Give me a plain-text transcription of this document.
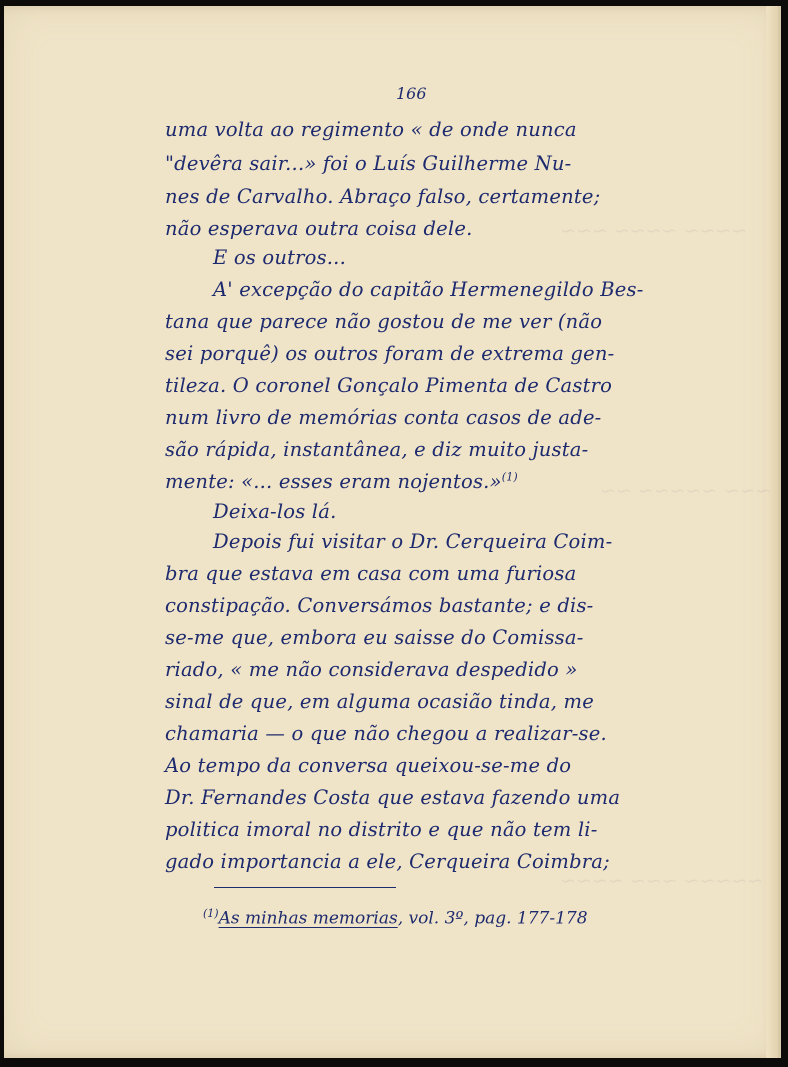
~~~~ ~~~~ ~~~
~~~ ~~~~~ ~~
~~~~~ ~~~ ~~~~
166
uma volta ao regimento « de onde nunca
"devêra sair...» foi o Luís Guilherme Nu-
nes de Carvalho. Abraço falso, certamente;
não esperava outra coisa dele.
E os outros...
A' excepção do capitão Hermenegildo Bes-
tana que parece não gostou de me ver (não
sei porquê) os outros foram de extrema gen-
tileza. O coronel Gonçalo Pimenta de Castro
num livro de memórias conta casos de ade-
são rápida, instantânea, e diz muito justa-
mente: «... esses eram nojentos.»$^{(1)}$
Deixa-los lá.
Depois fui visitar o Dr. Cerqueira Coim-
bra que estava em casa com uma furiosa
constipação. Conversámos bastante; e dis-
se-me que, embora eu saisse do Comissa-
riado, « me não considerava despedido »
sinal de que, em alguma ocasião tinda, me
chamaria — o que não chegou a realizar-se.
Ao tempo da conversa queixou-se-me do
Dr. Fernandes Costa que estava fazendo uma
politica imoral no distrito e que não tem li-
gado importancia a ele, Cerqueira Coimbra;
$^{(1)}$As minhas memorias, vol. 3º, pag. 177-178
